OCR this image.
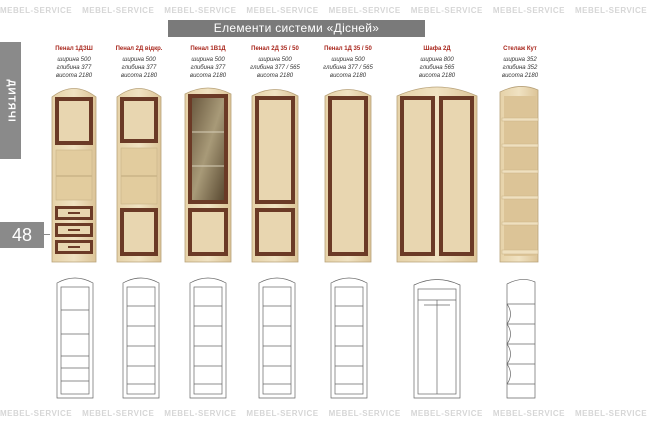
MEBEL-SERVICE MEBEL-SERVICE MEBEL-SERVICE MEBEL-SERVICE MEBEL-SERVICE MEBEL-SERVICE MEBEL-SERVICE MEBEL-SERVICE
MEBEL-SERVICE MEBEL-SERVICE MEBEL-SERVICE MEBEL-SERVICE MEBEL-SERVICE MEBEL-SERVICE MEBEL-SERVICE MEBEL-SERVICE
Елементи системи «Дісней»
ДИТЯЧІ
48
Пенал 1ДЗШ
ширина 500
глибина 377
висота 2180
Пенал 2Д відкр.
ширина 500
глибина 377
висота 2180
Пенал 1В1Д
ширина 500
глибина 377
висота 2180
Пенал 2Д 35 / 50
ширина 500
глибина 377 / 565
висота 2180
Пенал 1Д 35 / 50
ширина 500
глибина 377 / 565
висота 2180
Шафа 2Д
ширина 800
глибина 565
висота 2180
Стелаж Кут
ширина 352
глибина 352
висота 2180
